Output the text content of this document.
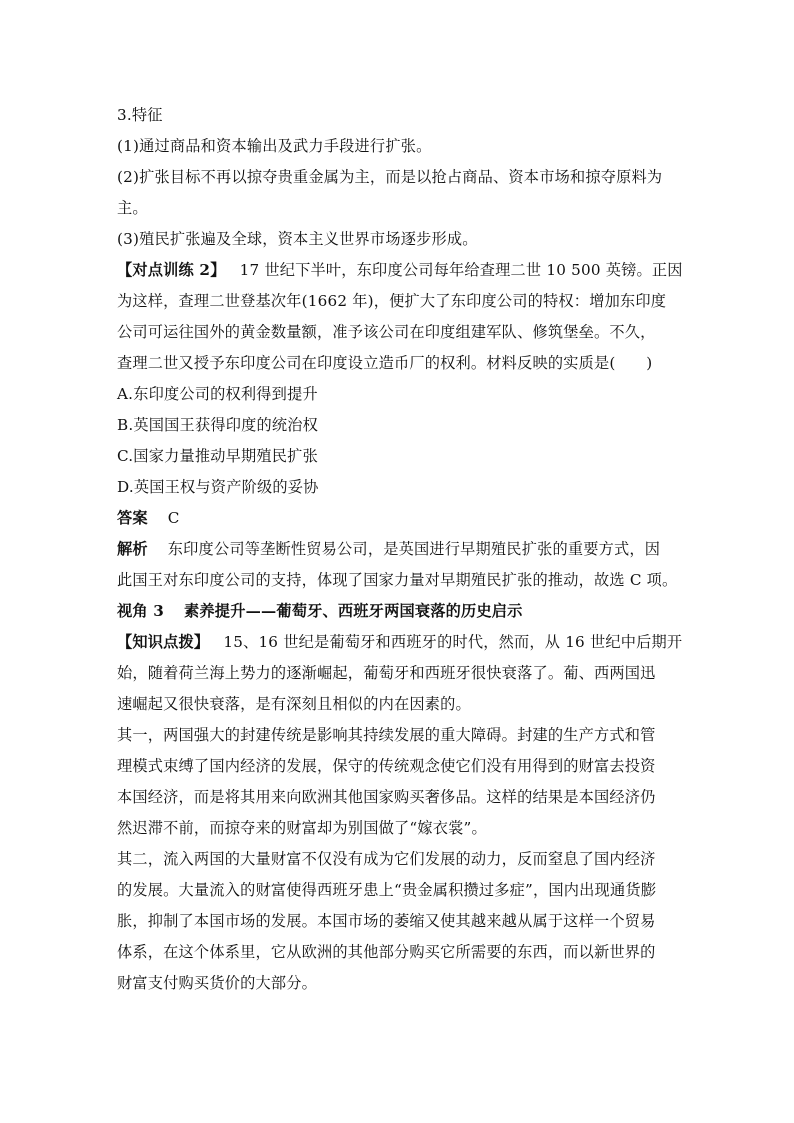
3.特征
(1)通过商品和资本输出及武力手段进行扩张。
(2)扩张目标不再以掠夺贵重金属为主，而是以抢占商品、资本市场和掠夺原料为
主。
(3)殖民扩张遍及全球，资本主义世界市场逐步形成。
【对点训练 2】 17 世纪下半叶，东印度公司每年给查理二世 10 500 英镑。正因
为这样，查理二世登基次年(1662 年)，便扩大了东印度公司的特权：增加东印度
公司可运往国外的黄金数量额，准予该公司在印度组建军队、修筑堡垒。不久，
查理二世又授予东印度公司在印度设立造币厂的权利。材料反映的实质是(　　)
A.东印度公司的权利得到提升
B.英国国王获得印度的统治权
C.国家力量推动早期殖民扩张
D.英国王权与资产阶级的妥协
答案 C
解析 东印度公司等垄断性贸易公司，是英国进行早期殖民扩张的重要方式，因
此国王对东印度公司的支持，体现了国家力量对早期殖民扩张的推动，故选 C 项。
视角 3 素养提升——葡萄牙、西班牙两国衰落的历史启示
【知识点拨】 15、16 世纪是葡萄牙和西班牙的时代，然而，从 16 世纪中后期开
始，随着荷兰海上势力的逐渐崛起，葡萄牙和西班牙很快衰落了。葡、西两国迅
速崛起又很快衰落，是有深刻且相似的内在因素的。
其一，两国强大的封建传统是影响其持续发展的重大障碍。封建的生产方式和管
理模式束缚了国内经济的发展，保守的传统观念使它们没有用得到的财富去投资
本国经济，而是将其用来向欧洲其他国家购买奢侈品。这样的结果是本国经济仍
然迟滞不前，而掠夺来的财富却为别国做了“嫁衣裳”。
其二，流入两国的大量财富不仅没有成为它们发展的动力，反而窒息了国内经济
的发展。大量流入的财富使得西班牙患上“贵金属积攒过多症”，国内出现通货膨
胀，抑制了本国市场的发展。本国市场的萎缩又使其越来越从属于这样一个贸易
体系，在这个体系里，它从欧洲的其他部分购买它所需要的东西，而以新世界的
财富支付购买货价的大部分。
